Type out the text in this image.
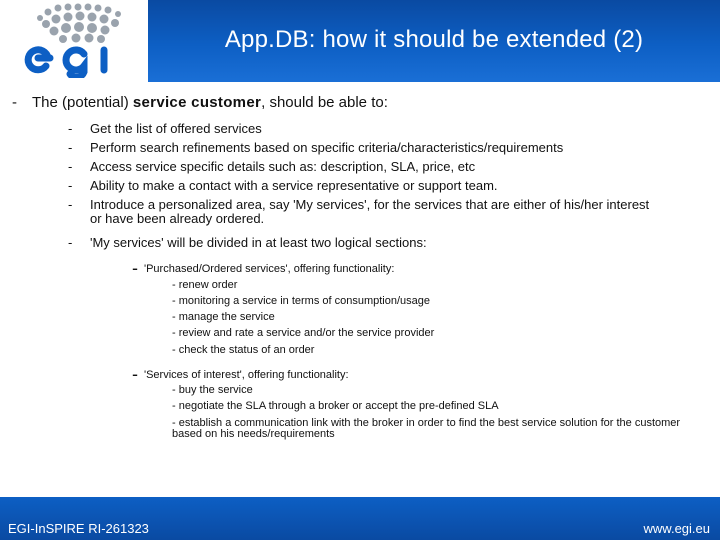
App.DB: how it should be extended (2)
- The (potential) service customer, should be able to:
- Get the list of offered services
- Perform search refinements based on specific criteria/characteristics/requirements
- Access service specific details such as: description, SLA, price, etc
- Ability to make a contact with a service representative or support team.
- Introduce a personalized area, say 'My services', for the services that are either of his/her interest or have been already ordered.
- 'My services' will be divided in at least two logical sections:
- 'Purchased/Ordered services', offering functionality:
- renew order
- monitoring a service in terms of consumption/usage
- manage the service
- review and rate a service and/or the service provider
- check the status of an order
- 'Services of interest', offering functionality:
- buy the service
- negotiate the SLA through a broker or accept the pre-defined SLA
- establish a communication link with the broker in order to find the best service solution for the customer based on his needs/requirements
EGI-InSPIRE RI-261323	www.egi.eu
